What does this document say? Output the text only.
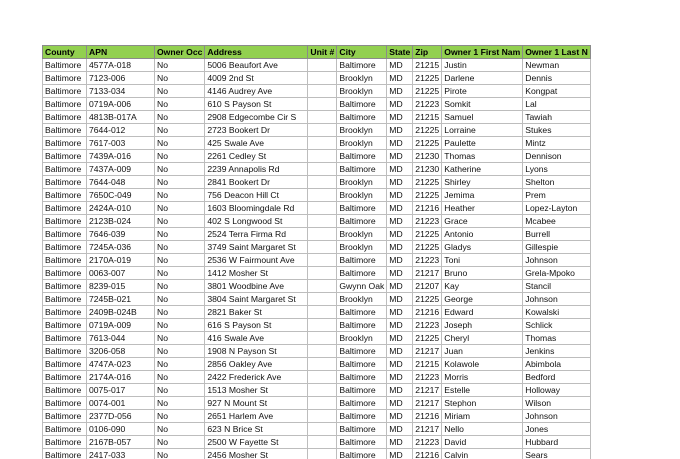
County	APN	Owner Occ	Address	Unit #	City	State	Zip	Owner 1 First Nam	Owner 1 Last N
Baltimore	4577A-018	No	5006 Beaufort Ave		Baltimore	MD	21215	Justin	Newman
Baltimore	7123-006	No	4009 2nd St		Brooklyn	MD	21225	Darlene	Dennis
Baltimore	7133-034	No	4146 Audrey Ave		Brooklyn	MD	21225	Pirote	Kongpat
Baltimore	0719A-006	No	610 S Payson St		Baltimore	MD	21223	Somkit	Lal
Baltimore	4813B-017A	No	2908 Edgecombe Cir S		Baltimore	MD	21215	Samuel	Tawiah
Baltimore	7644-012	No	2723 Bookert Dr		Brooklyn	MD	21225	Lorraine	Stukes
Baltimore	7617-003	No	425 Swale Ave		Brooklyn	MD	21225	Paulette	Mintz
Baltimore	7439A-016	No	2261 Cedley St		Baltimore	MD	21230	Thomas	Dennison
Baltimore	7437A-009	No	2239 Annapolis Rd		Baltimore	MD	21230	Katherine	Lyons
Baltimore	7644-048	No	2841 Bookert Dr		Brooklyn	MD	21225	Shirley	Shelton
Baltimore	7650C-049	No	756 Deacon Hill Ct		Brooklyn	MD	21225	Jemima	Prem
Baltimore	2424A-010	No	1603 Bloomingdale Rd		Baltimore	MD	21216	Heather	Lopez-Layton
Baltimore	2123B-024	No	402 S Longwood St		Baltimore	MD	21223	Grace	Mcabee
Baltimore	7646-039	No	2524 Terra Firma Rd		Brooklyn	MD	21225	Antonio	Burrell
Baltimore	7245A-036	No	3749 Saint Margaret St		Brooklyn	MD	21225	Gladys	Gillespie
Baltimore	2170A-019	No	2536 W Fairmount Ave		Baltimore	MD	21223	Toni	Johnson
Baltimore	0063-007	No	1412 Mosher St		Baltimore	MD	21217	Bruno	Grela-Mpoko
Baltimore	8239-015	No	3801 Woodbine Ave		Gwynn Oak	MD	21207	Kay	Stancil
Baltimore	7245B-021	No	3804 Saint Margaret St		Brooklyn	MD	21225	George	Johnson
Baltimore	2409B-024B	No	2821 Baker St		Baltimore	MD	21216	Edward	Kowalski
Baltimore	0719A-009	No	616 S Payson St		Baltimore	MD	21223	Joseph	Schlick
Baltimore	7613-044	No	416 Swale Ave		Brooklyn	MD	21225	Cheryl	Thomas
Baltimore	3206-058	No	1908 N Payson St		Baltimore	MD	21217	Juan	Jenkins
Baltimore	4747A-023	No	2856 Oakley Ave		Baltimore	MD	21215	Kolawole	Abimbola
Baltimore	2174A-016	No	2422 Frederick Ave		Baltimore	MD	21223	Morris	Bedford
Baltimore	0075-017	No	1513 Mosher St		Baltimore	MD	21217	Estelle	Holloway
Baltimore	0074-001	No	927 N Mount St		Baltimore	MD	21217	Stephon	Wilson
Baltimore	2377D-056	No	2651 Harlem Ave		Baltimore	MD	21216	Miriam	Johnson
Baltimore	0106-090	No	623 N Brice St		Baltimore	MD	21217	Nello	Jones
Baltimore	2167B-057	No	2500 W Fayette St		Baltimore	MD	21223	David	Hubbard
Baltimore	2417-033	No	2456 Mosher St		Baltimore	MD	21216	Calvin	Sears
